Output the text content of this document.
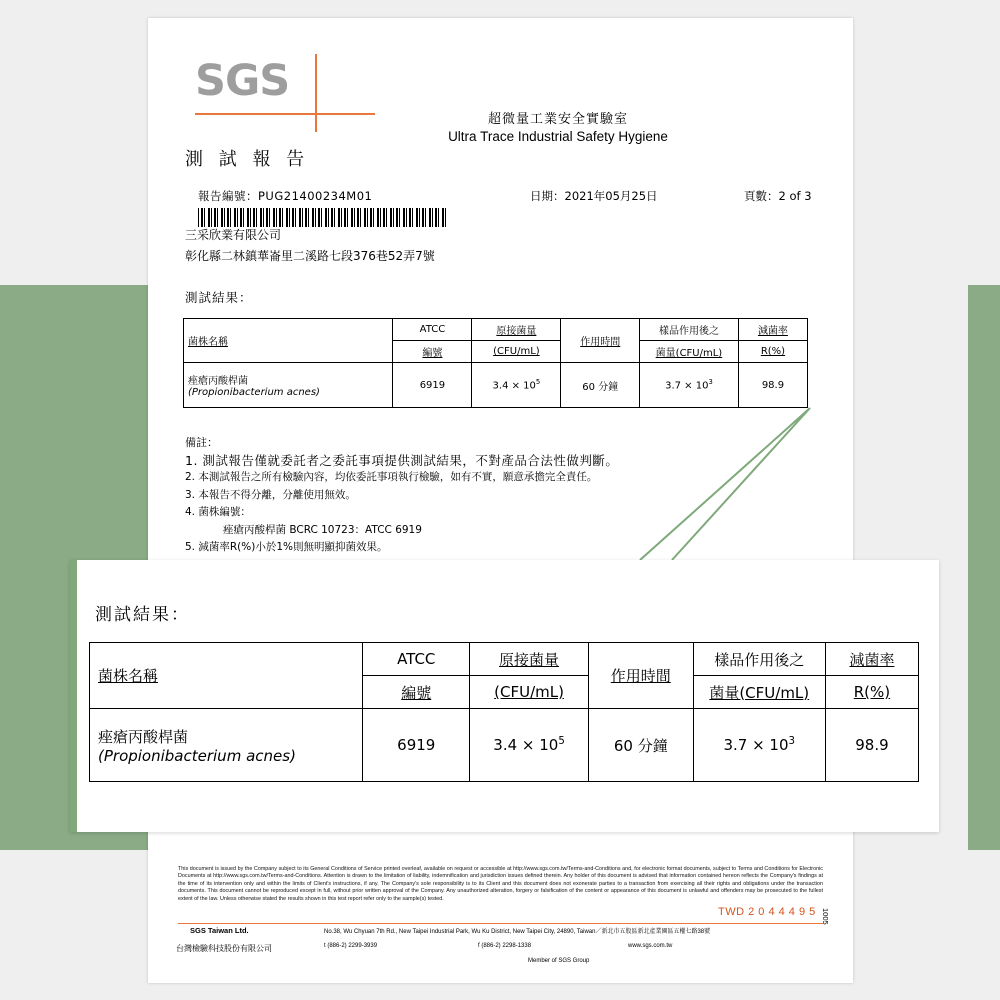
SGS
超微量工業安全實驗室
Ultra Trace Industrial Safety Hygiene
測 試 報 告
報告編號：PUG21400234M01	日期：2021年05月25日	頁數：2 of 3
三采欣業有限公司
彰化縣二林鎮華崙里二溪路七段376巷52弄7號
測試結果：
菌株名稱	ATCC	原接菌量	作用時間	樣品作用後之	減菌率
	編號	(CFU/mL)		菌量(CFU/mL)	R(%)

痤瘡丙酸桿菌
(Propionibacterium acnes)	6919	$3.4 \times 10^5$	60 分鐘	$3.7 \times 10^3$	98.9
備註：
1. 測試報告僅就委託者之委託事項提供測試結果，不對產品合法性做判斷。
2. 本測試報告之所有檢驗內容，均依委託事項執行檢驗，如有不實，願意承擔完全責任。
3. 本報告不得分離，分離使用無效。
4. 菌株編號：
痤瘡丙酸桿菌 BCRC 10723：ATCC 6919
5. 減菌率R(%)小於1%則無明顯抑菌效果。
This document is issued by the Company subject to its General Conditions of Service printed overleaf, available on request or accessible at http://www.sgs.com.tw/Terms-and-Conditions and, for electronic format documents, subject to Terms and Conditions for Electronic Documents at http://www.sgs.com.tw/Terms-and-Conditions. Attention is drawn to the limitation of liability, indemnification and jurisdiction issues defined therein. Any holder of this document is advised that information contained hereon reflects the Company's findings at the time of its intervention only and within the limits of Client's instructions, if any. The Company's sole responsibility is to its Client and this document does not exonerate parties to a transaction from exercising all their rights and obligations under the transaction documents. This document cannot be reproduced except in full, without prior written approval of the Company. Any unauthorized alteration, forgery or falsification of the content or appearance of this document is unlawful and offenders may be prosecuted to the fullest extent of the law. Unless otherwise stated the results shown in this test report refer only to the sample(s) tested.
SGS Taiwan Ltd.	No.38, Wu Chyuan 7th Rd., New Taipei Industrial Park, Wu Ku District, New Taipei City, 24890, Taiwan／新北市五股區新北產業園區五權七路38號
台灣檢驗科技股份有限公司	t (886-2) 2299-3939	f (886-2) 2298-1338	www.sgs.com.tw
Member of SGS Group
TWD 2 0 4 4 4 9 5 1005
測試結果：
菌株名稱	ATCC	原接菌量	作用時間	樣品作用後之	減菌率
	編號	(CFU/mL)		菌量(CFU/mL)	R(%)

痤瘡丙酸桿菌
(Propionibacterium acnes)	6919	$3.4 \times 10^5$	60 分鐘	$3.7 \times 10^3$	98.9
